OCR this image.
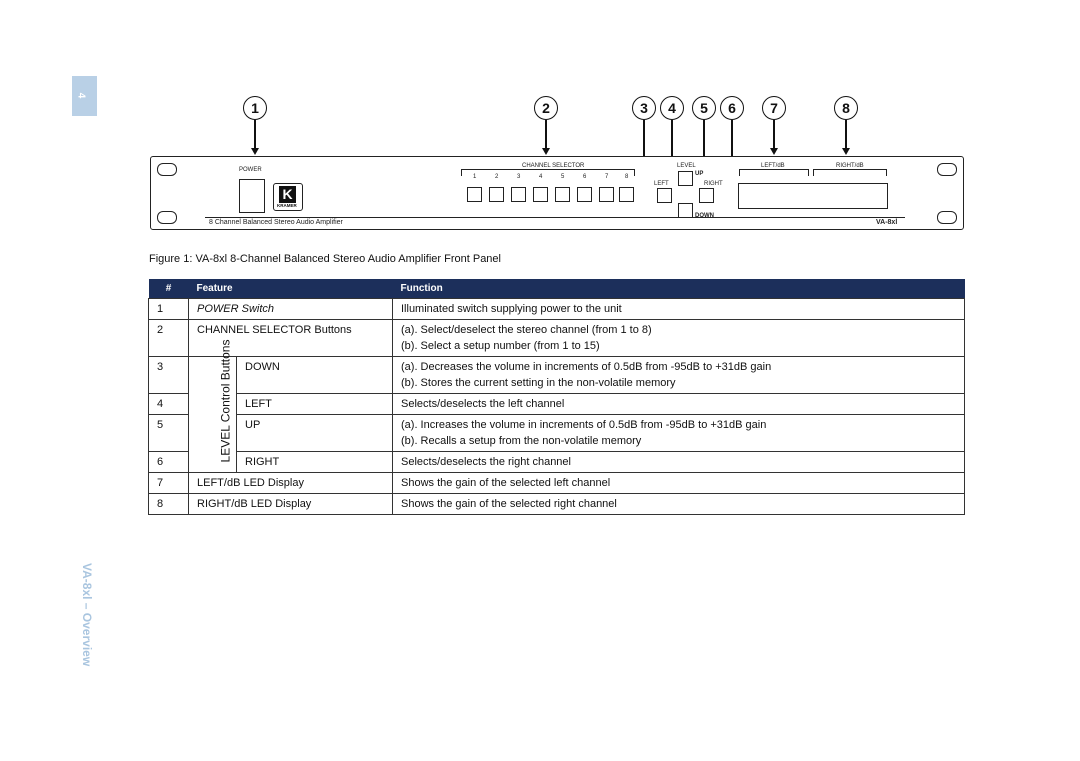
4
VA-8xl – Overview
1	2	3	4	5	6	7	8
POWER
K
KRAMER
CHANNEL SELECTOR
1	2	3	4	5	6	7	8
LEVEL
UP
LEFT	RIGHT
DOWN
LEFT/dB	RIGHT/dB
8 Channel Balanced Stereo Audio Amplifier	VA-8xl
Figure 1: VA-8xl 8-Channel Balanced Stereo Audio Amplifier Front Panel
#	Feature		Function
1	POWER Switch		Illuminated switch supplying power to the unit
2	CHANNEL SELECTOR Buttons		(a). Select/deselect the stereo channel (from 1 to 8)
(b). Select a setup number (from 1 to 15)

3		DOWN	(a). Decreases the volume in increments of 0.5dB from -95dB to +31dB gain
(b). Stores the current setting in the non-volatile memory

4		LEFT	Selects/deselects the left channel
5		UP	(a). Increases the volume in increments of 0.5dB from -95dB to +31dB gain
(b). Recalls a setup from the non-volatile memory

6		RIGHT	Selects/deselects the right channel
7	LEFT/dB LED Display		Shows the gain of the selected left channel
8	RIGHT/dB LED Display		Shows the gain of the selected right channel
LEVEL Control Buttons
